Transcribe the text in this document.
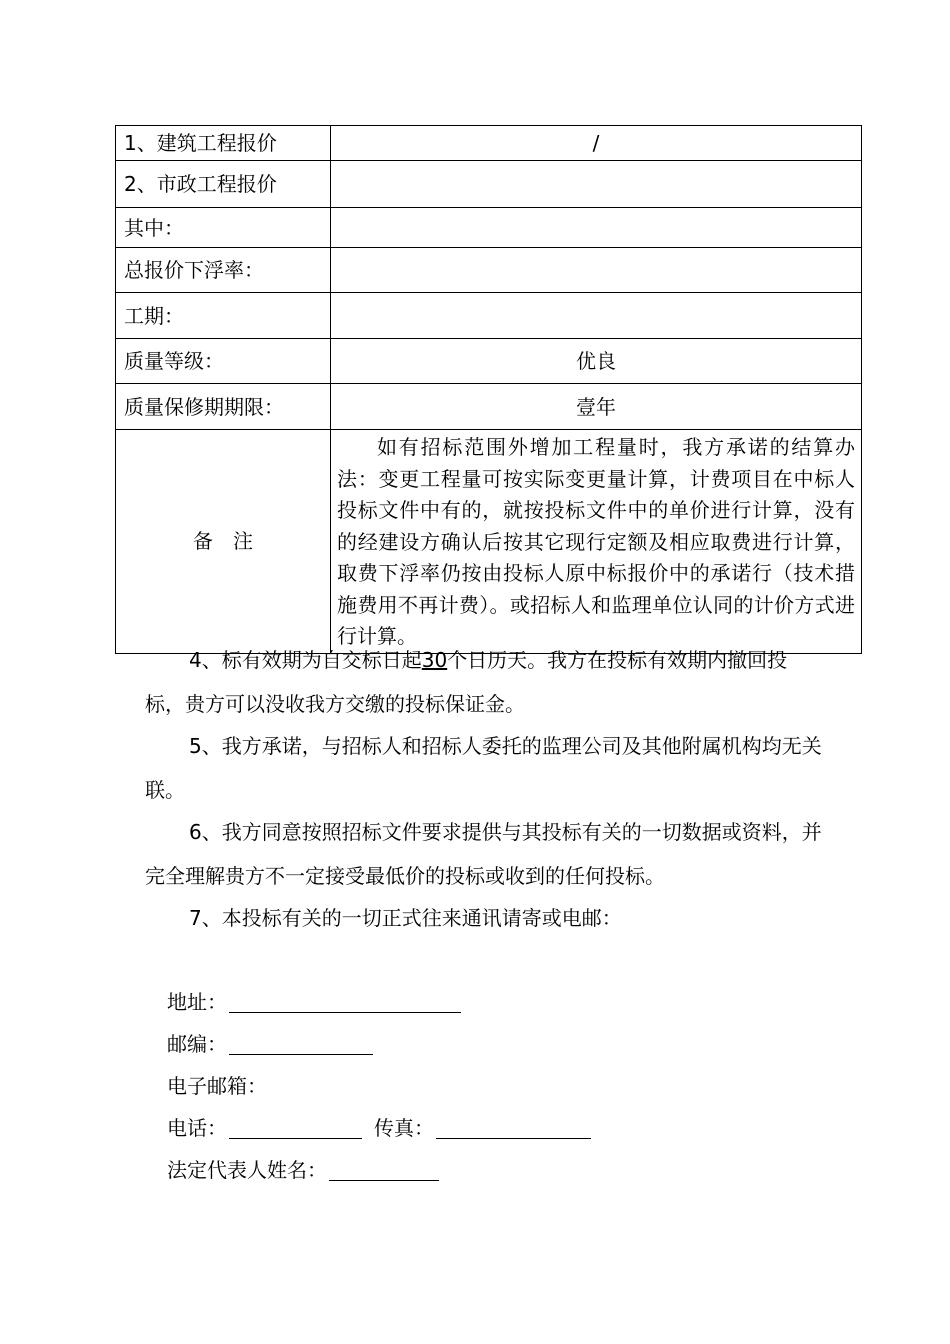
1、建筑工程报价	/
2、市政工程报价	
其中：	
总报价下浮率：	
工期：	
质量等级：	优良
质量保修期期限：	壹年
备　注	如有招标范围外增加工程量时，我方承诺的结算办法：变更工程量可按实际变更量计算，计费项目在中标人投标文件中有的，就按投标文件中的单价进行计算，没有的经建设方确认后按其它现行定额及相应取费进行计算，取费下浮率仍按由投标人原中标报价中的承诺行（技术措施费用不再计费）。或招标人和监理单位认同的计价方式进行计算。

4、标有效期为自交标日起30个日历天。我方在投标有效期内撤回投标，贵方可以没收我方交缴的投标保证金。

5、我方承诺，与招标人和招标人委托的监理公司及其他附属机构均无关联。

6、我方同意按照招标文件要求提供与其投标有关的一切数据或资料，并完全理解贵方不一定接受最低价的投标或收到的任何投标。

7、本投标有关的一切正式往来通讯请寄或电邮：

地址：
邮编：
电子邮箱：
电话：	传真：
法定代表人姓名：
